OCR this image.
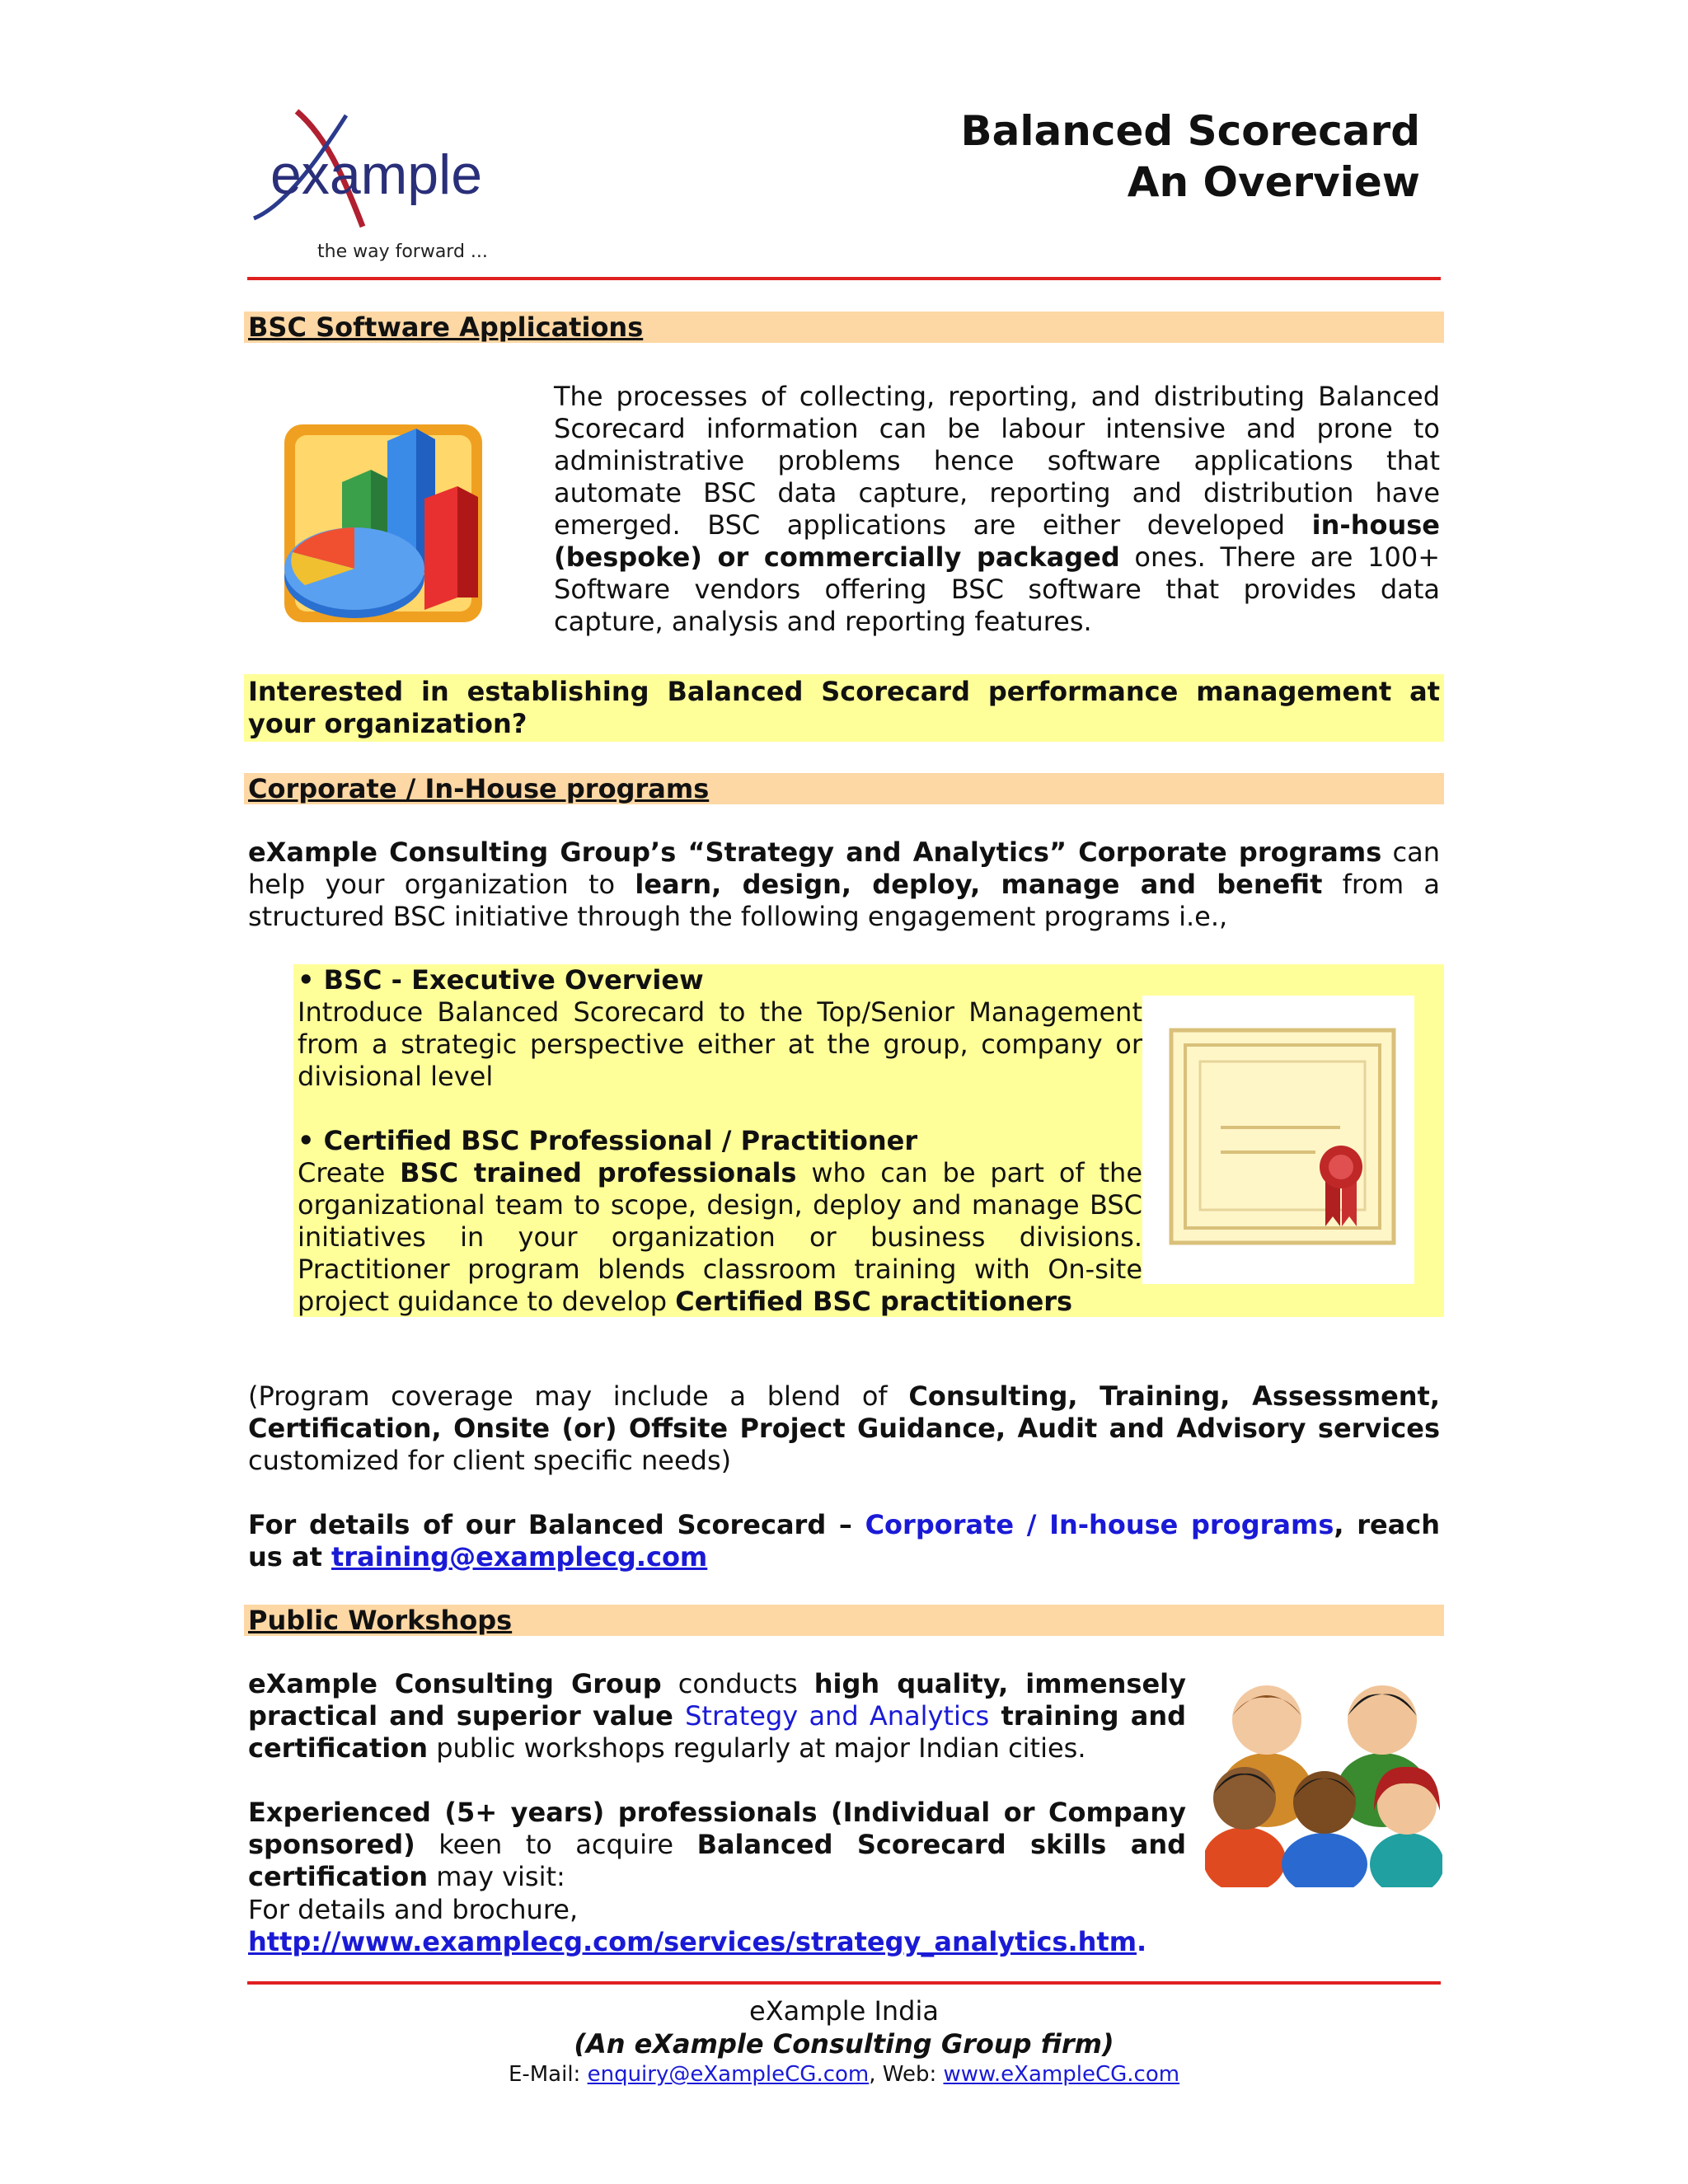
example
the way forward ...
Balanced Scorecard
An Overview
BSC Software Applications

The processes of collecting, reporting, and distributing Balanced Scorecard information can be labour intensive and prone to administrative problems hence software applications that automate BSC data capture, reporting and distribution have emerged. BSC applications are either developed in-house (bespoke) or commercially packaged ones. There are 100+ Software vendors offering BSC software that provides data capture, analysis and reporting features.

Interested in establishing Balanced Scorecard performance management at your organization?
Corporate / In-House programs

eXample Consulting Group’s “Strategy and Analytics” Corporate programs can help your organization to learn, design, deploy, manage and benefit from a structured BSC initiative through the following engagement programs i.e.,

• BSC - Executive Overview

Introduce Balanced Scorecard to the Top/Senior Management from a strategic perspective either at the group, company or divisional level

• Certified BSC Professional / Practitioner

Create BSC trained professionals who can be part of the organizational team to scope, design, deploy and manage BSC initiatives in your organization or business divisions. Practitioner program blends classroom training with On-site project guidance to develop Certified BSC practitioners

(Program coverage may include a blend of Consulting, Training, Assessment, Certification, Onsite (or) Offsite Project Guidance, Audit and Advisory services customized for client specific needs)

For details of our Balanced Scorecard – Corporate / In-house programs, reach us at training@examplecg.com

Public Workshops

eXample Consulting Group conducts high quality, immensely practical and superior value Strategy and Analytics training and certification public workshops regularly at major Indian cities.

Experienced (5+ years) professionals (Individual or Company sponsored) keen to acquire Balanced Scorecard skills and certification may visit:

For details and brochure, http://www.examplecg.com/services/strategy_analytics.htm.

eXample India
(An eXample Consulting Group firm)
E-Mail: enquiry@eXampleCG.com, Web: www.eXampleCG.com
